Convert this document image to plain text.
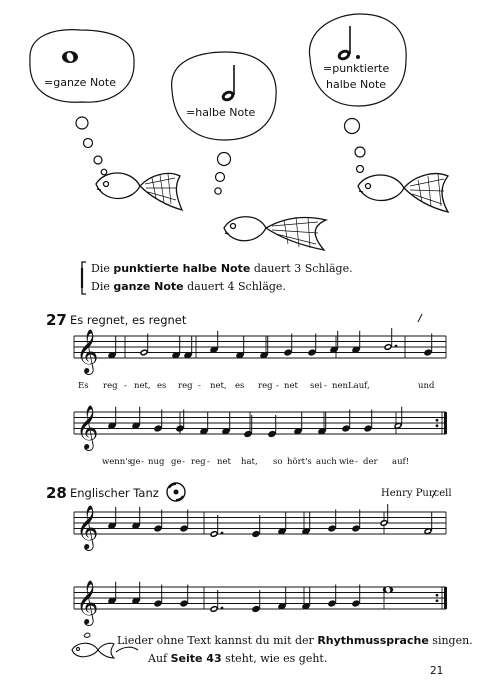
𝄞
𝄞
𝄞
𝄞
=ganze Note
=halbe Note
=punktierte
halbe Note
Die punktierte halbe Note dauert 3 Schläge.
Die ganze Note dauert 4 Schläge.
27 Es regnet, es regnet
28 Englischer Tanz	Henry Purcell
Es reg - net, es reg - net, es reg - net sei - nen Lauf,	und
wenn's
ge - nug ge - reg - net hat, so hört's auch wie - der auf!
Lieder ohne Text kannst du mit der Rhythmussprache singen.
Auf Seite 43 steht, wie es geht.
21
